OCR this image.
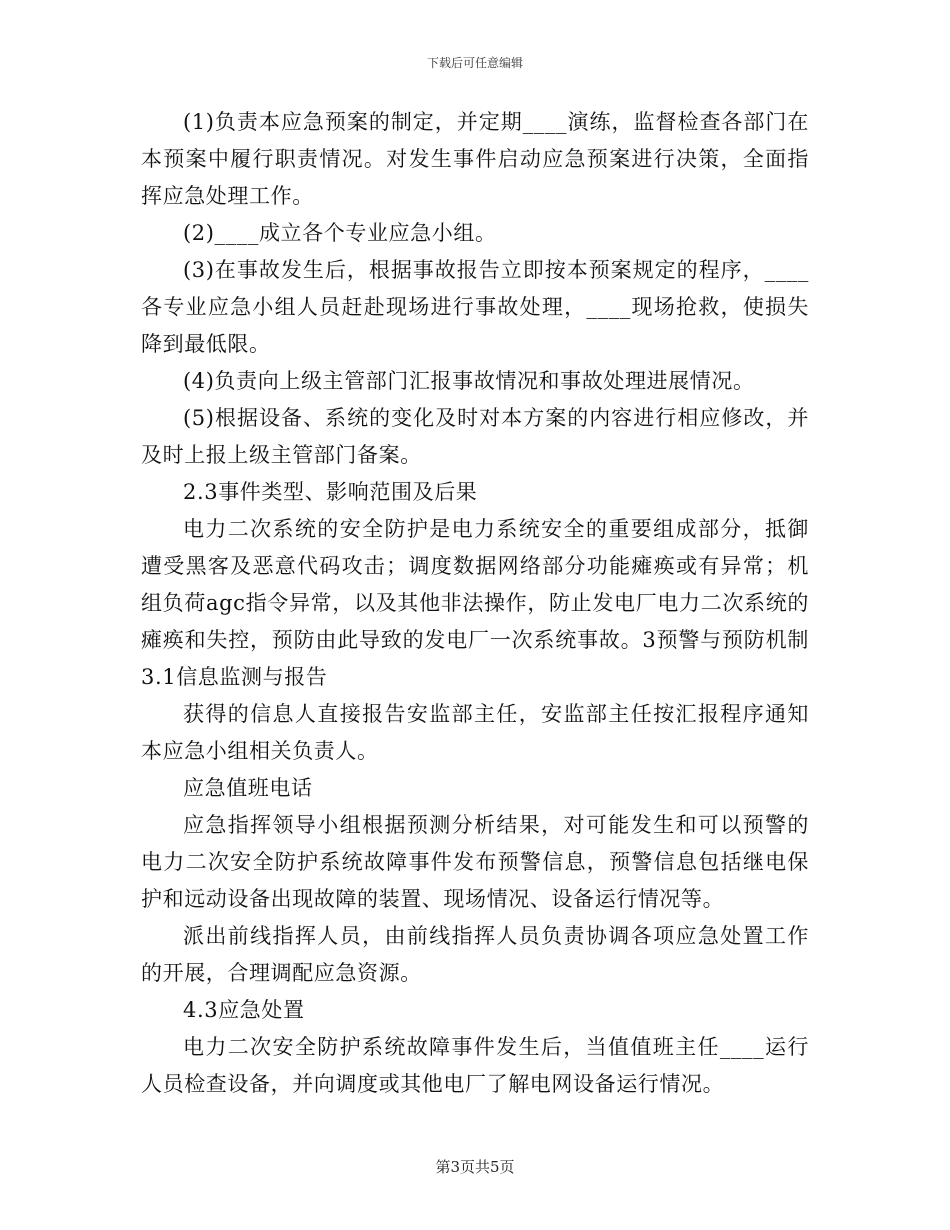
下载后可任意编辑

(1)负责本应急预案的制定，并定期____演练，监督检查各部门在本预案中履行职责情况。对发生事件启动应急预案进行决策，全面指挥应急处理工作。

(2)____成立各个专业应急小组。

(3)在事故发生后，根据事故报告立即按本预案规定的程序，____各专业应急小组人员赶赴现场进行事故处理，____现场抢救，使损失降到最低限。

(4)负责向上级主管部门汇报事故情况和事故处理进展情况。

(5)根据设备、系统的变化及时对本方案的内容进行相应修改，并及时上报上级主管部门备案。

2.3事件类型、影响范围及后果

电力二次系统的安全防护是电力系统安全的重要组成部分，抵御遭受黑客及恶意代码攻击；调度数据网络部分功能瘫痪或有异常；机组负荷agc指令异常，以及其他非法操作，防止发电厂电力二次系统的瘫痪和失控，预防由此导致的发电厂一次系统事故。3预警与预防机制3.1信息监测与报告

获得的信息人直接报告安监部主任，安监部主任按汇报程序通知本应急小组相关负责人。

应急值班电话

应急指挥领导小组根据预测分析结果，对可能发生和可以预警的电力二次安全防护系统故障事件发布预警信息，预警信息包括继电保护和远动设备出现故障的装置、现场情况、设备运行情况等。

派出前线指挥人员，由前线指挥人员负责协调各项应急处置工作的开展，合理调配应急资源。

4.3应急处置

电力二次安全防护系统故障事件发生后，当值值班主任____运行人员检查设备，并向调度或其他电厂了解电网设备运行情况。

第3页共5页
